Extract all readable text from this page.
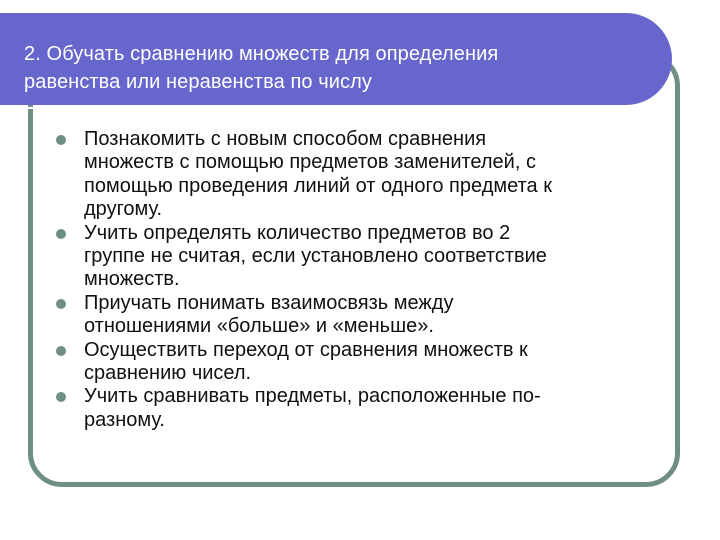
2. Обучать сравнению множеств для определения
равенства или неравенства по числу
Познакомить с новым способом сравнения
множеств с помощью предметов заменителей, с
помощью проведения линий от одного предмета к
другому.
Учить определять количество предметов во 2
группе не считая, если установлено соответствие
множеств.
Приучать понимать взаимосвязь между
отношениями «больше» и «меньше».
Осуществить переход от сравнения множеств к
сравнению чисел.
Учить сравнивать предметы, расположенные по-
разному.
